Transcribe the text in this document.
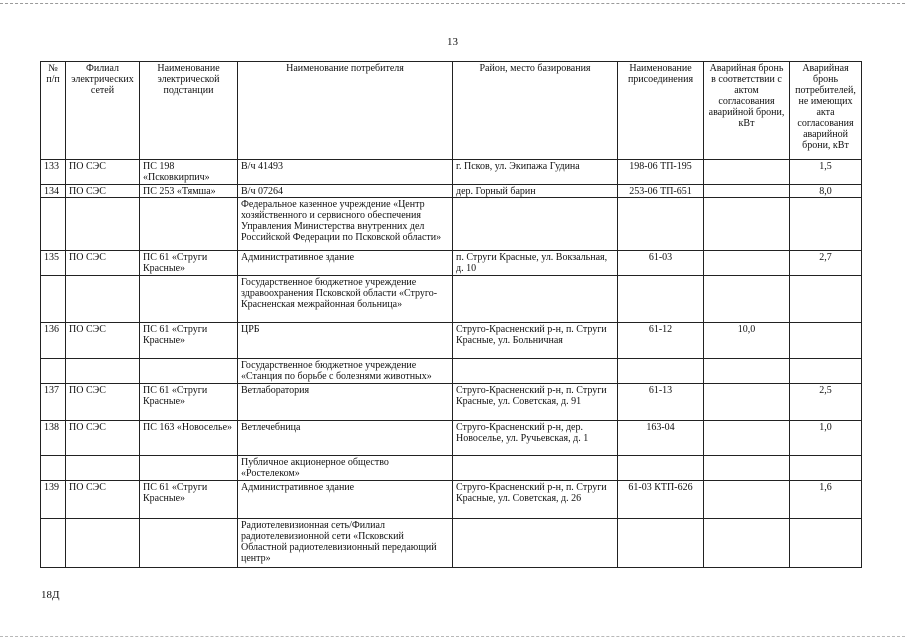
13
№ п/п	Филиал электрических сетей	Наименование электрической подстанции	Наименование потребителя	Район, место базирования	Наименование присоединения	Аварийная бронь в соответствии с актом согласования аварийной брони, кВт	Аварийная бронь потребителей, не имеющих акта согласования аварийной брони, кВт
133	ПО СЭС	ПС 198 «Псковкирпич»	В/ч 41493	г. Псков, ул. Экипажа Гудина	198-06 ТП-195		1,5
134	ПО СЭС	ПС 253 «Тямша»	В/ч 07264	дер. Горный барин	253-06 ТП-651		8,0
			Федеральное казенное учреждение «Центр хозяйственного и сервисного обеспечения Управления Министерства внутренних дел Российской Федерации по Псковской области»				
135	ПО СЭС	ПС 61 «Струги Красные»	Административное здание	п. Струги Красные, ул. Вокзальная, д. 10	61-03		2,7
			Государственное бюджетное учреждение здравоохранения Псковской области «Струго-Красненская межрайонная больница»				
136	ПО СЭС	ПС 61 «Струги Красные»	ЦРБ	Струго-Красненский р-н, п. Струги Красные, ул. Больничная	61-12	10,0	
			Государственное бюджетное учреждение «Станция по борьбе с болезнями животных»				
137	ПО СЭС	ПС 61 «Струги Красные»	Ветлаборатория	Струго-Красненский р-н, п. Струги Красные, ул. Советская, д. 91	61-13		2,5
138	ПО СЭС	ПС 163 «Новоселье»	Ветлечебница	Струго-Красненский р-н, дер. Новоселье, ул. Ручьевская, д. 1	163-04		1,0
			Публичное акционерное общество «Ростелеком»				
139	ПО СЭС	ПС 61 «Струги Красные»	Административное здание	Струго-Красненский р-н, п. Струги Красные, ул. Советская, д. 26	61-03 КТП-626		1,6
			Радиотелевизионная сеть/Филиал радиотелевизионной сети «Псковский Областной радиотелевизионный передающий центр»				
18Д
